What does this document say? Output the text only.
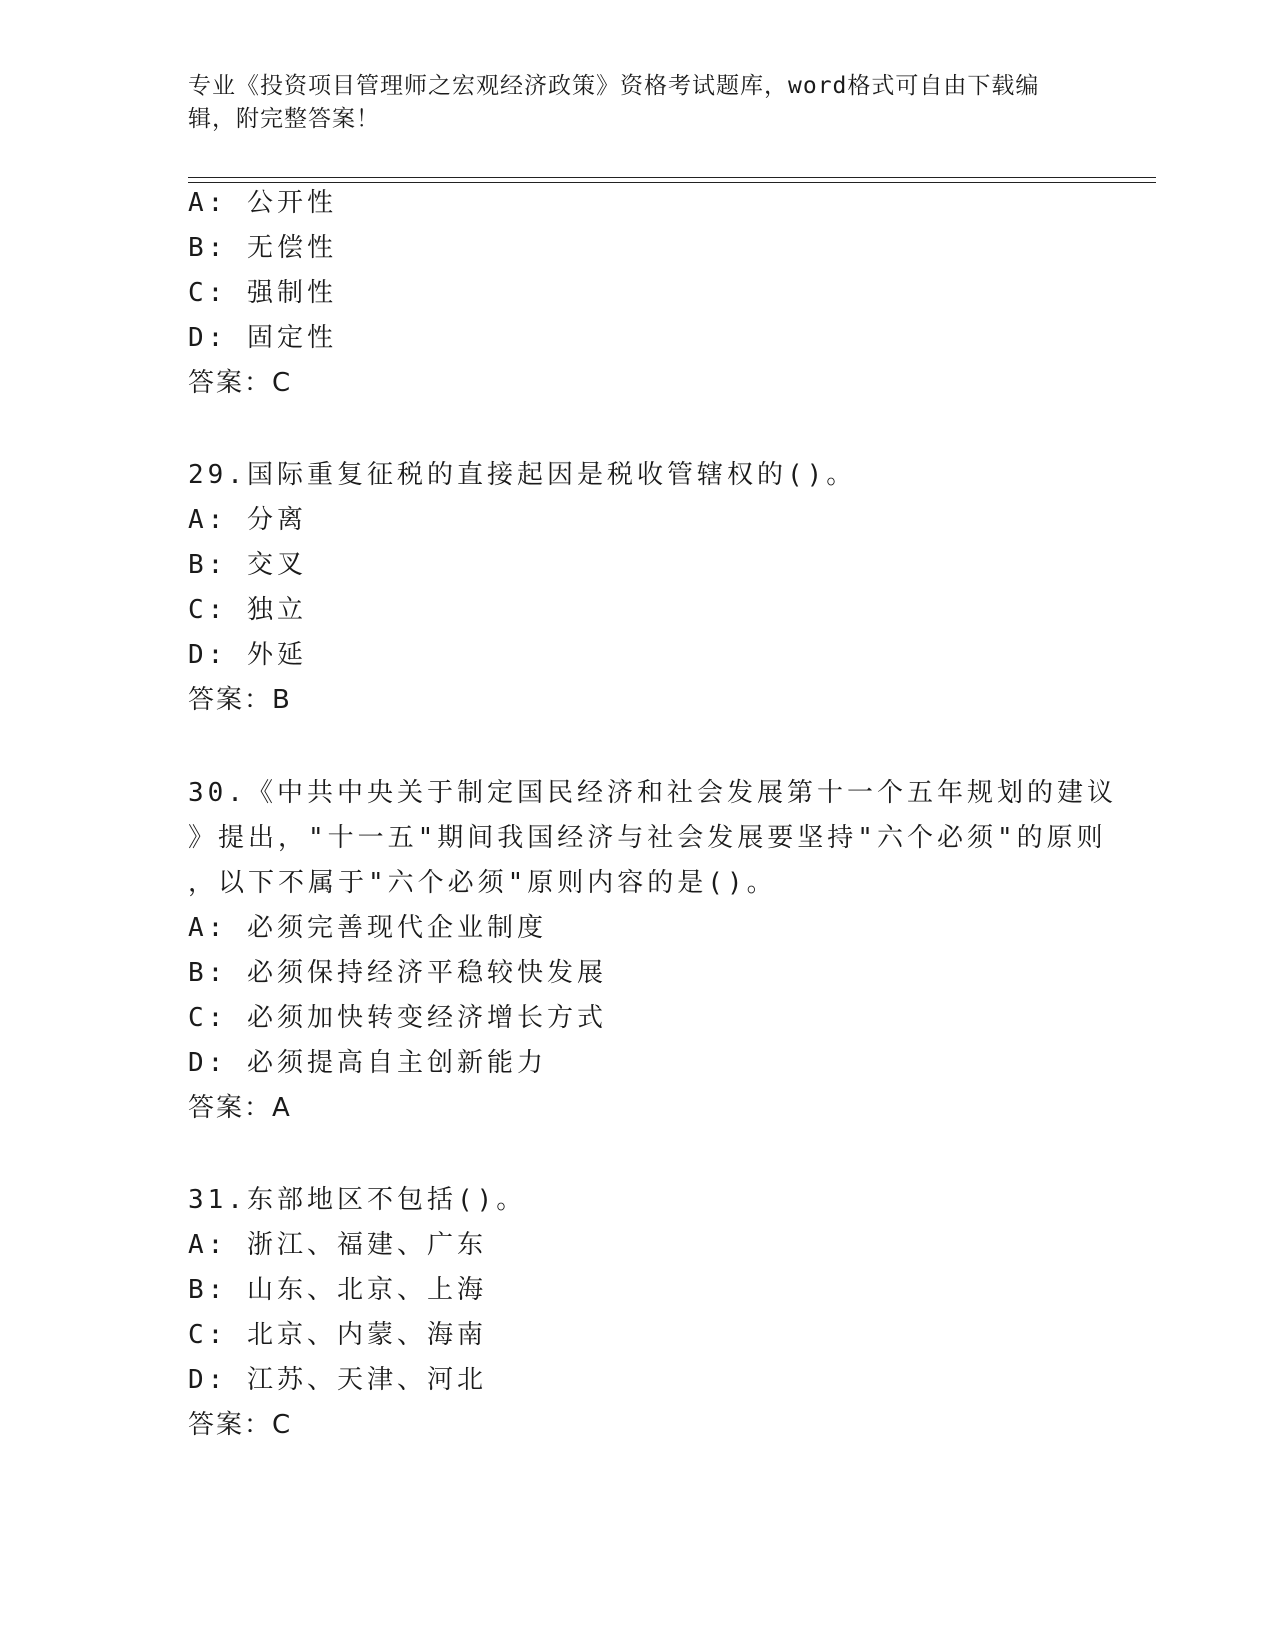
专业《投资项目管理师之宏观经济政策》资格考试题库，word格式可自由下载编辑，附完整答案！
A: 公开性
B: 无偿性
C: 强制性
D: 固定性
答案：C
29.国际重复征税的直接起因是税收管辖权的()。
A: 分离
B: 交叉
C: 独立
D: 外延
答案：B
30.《中共中央关于制定国民经济和社会发展第十一个五年规划的建议
》提出，"十一五"期间我国经济与社会发展要坚持"六个必须"的原则
，以下不属于"六个必须"原则内容的是()。
A: 必须完善现代企业制度
B: 必须保持经济平稳较快发展
C: 必须加快转变经济增长方式
D: 必须提高自主创新能力
答案：A
31.东部地区不包括()。
A: 浙江、福建、广东
B: 山东、北京、上海
C: 北京、内蒙、海南
D: 江苏、天津、河北
答案：C
